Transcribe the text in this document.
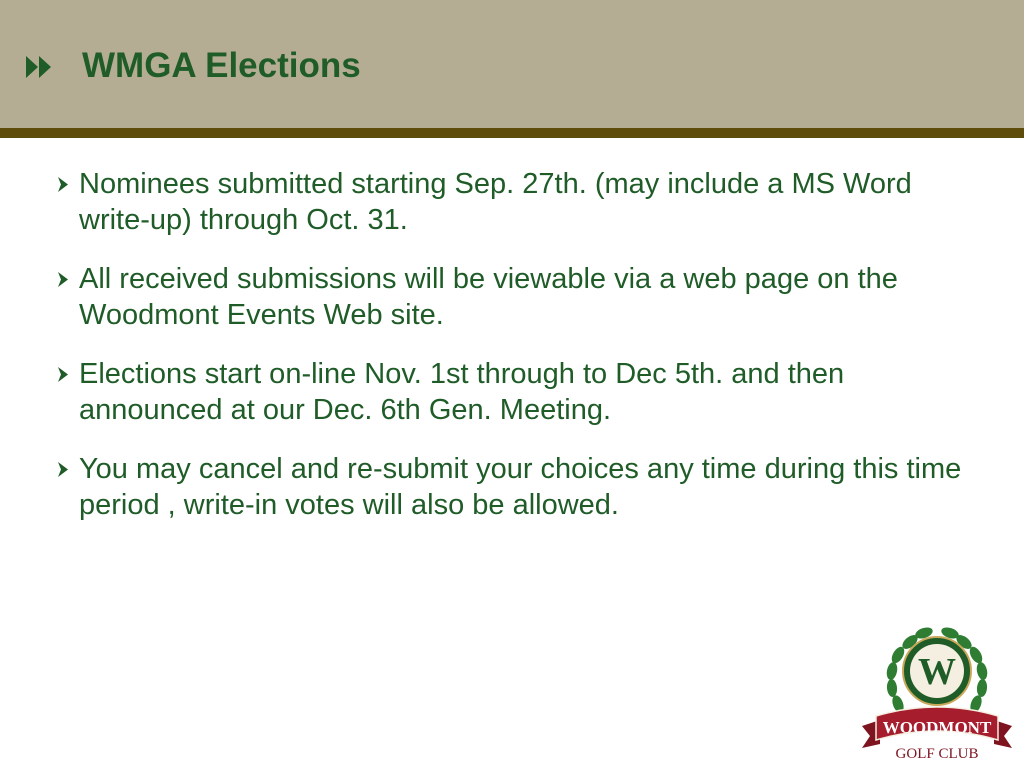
WMGA Elections
Nominees submitted starting Sep. 27th. (may include a MS Word write-up) through Oct. 31.
All received submissions will be viewable via a web page on the Woodmont Events Web site.
Elections start on-line Nov. 1st through to Dec 5th. and then announced at our Dec. 6th Gen. Meeting.
You may cancel and re-submit your choices any time during this time period , write-in votes will also be allowed.
W
WOODMONT
GOLF CLUB
